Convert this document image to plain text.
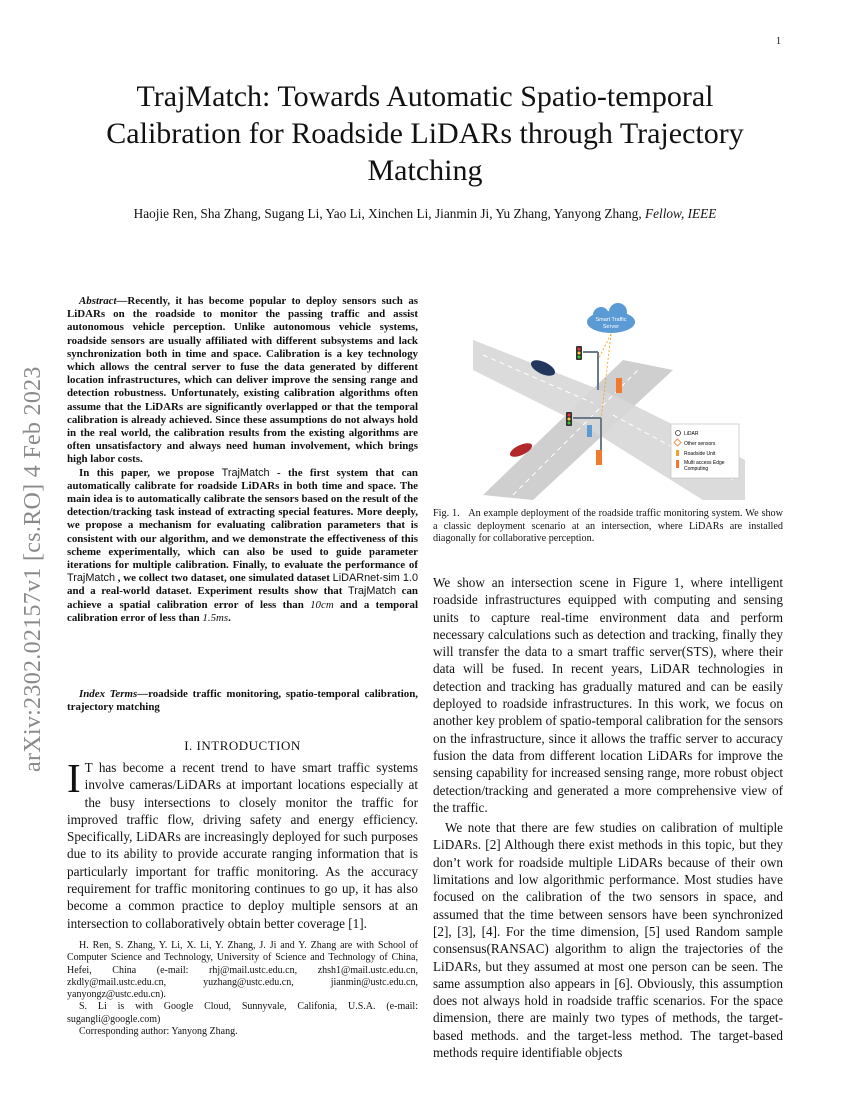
1
arXiv:2302.02157v1 [cs.RO] 4 Feb 2023
TrajMatch: Towards Automatic Spatio-temporal Calibration for Roadside LiDARs through Trajectory Matching
Haojie Ren, Sha Zhang, Sugang Li, Yao Li, Xinchen Li, Jianmin Ji, Yu Zhang, Yanyong Zhang, Fellow, IEEE

Abstract—Recently, it has become popular to deploy sensors such as LiDARs on the roadside to monitor the passing traffic and assist autonomous vehicle perception. Unlike autonomous vehicle systems, roadside sensors are usually affiliated with different subsystems and lack synchronization both in time and space. Calibration is a key technology which allows the central server to fuse the data generated by different location infrastructures, which can deliver improve the sensing range and detection robustness. Unfortunately, existing calibration algorithms often assume that the LiDARs are significantly overlapped or that the temporal calibration is already achieved. Since these assumptions do not always hold in the real world, the calibration results from the existing algorithms are often unsatisfactory and always need human involvement, which brings high labor costs.

In this paper, we propose TrajMatch - the first system that can automatically calibrate for roadside LiDARs in both time and space. The main idea is to automatically calibrate the sensors based on the result of the detection/tracking task instead of extracting special features. More deeply, we propose a mechanism for evaluating calibration parameters that is consistent with our algorithm, and we demonstrate the effectiveness of this scheme experimentally, which can also be used to guide parameter iterations for multiple calibration. Finally, to evaluate the performance of TrajMatch , we collect two dataset, one simulated dataset LiDARnet-sim 1.0 and a real-world dataset. Experiment results show that TrajMatch can achieve a spatial calibration error of less than 10cm and a temporal calibration error of less than 1.5ms.

Index Terms—roadside traffic monitoring, spatio-temporal calibration, trajectory matching
I. INTRODUCTION
I T has become a recent trend to have smart traffic systems involve cameras/LiDARs at important locations especially at the busy intersections to closely monitor the traffic for improved traffic flow, driving safety and energy efficiency. Specifically, LiDARs are increasingly deployed for such purposes due to its ability to provide accurate ranging information that is particularly important for traffic monitoring. As the accuracy requirement for traffic monitoring continues to go up, it has also become a common practice to deploy multiple sensors at an intersection to collaboratively obtain better coverage [1].

H. Ren, S. Zhang, Y. Li, X. Li, Y. Zhang, J. Ji and Y. Zhang are with School of Computer Science and Technology, University of Science and Technology of China, Hefei, China (e-mail: rhj@mail.ustc.edu.cn, zhsh1@mail.ustc.edu.cn, zkdly@mail.ustc.edu.cn, yuzhang@ustc.edu.cn, jianmin@ustc.edu.cn, yanyongz@ustc.edu.cn).

S. Li is with Google Cloud, Sunnyvale, Califonia, U.S.A. (e-mail: sugangli@google.com)

Corresponding author: Yanyong Zhang.

Smart Traffic
Server
LiDAR
Other sensors
Roadside Unit
Multi access Edge
Computing
Fig. 1. An example deployment of the roadside traffic monitoring system. We show a classic deployment scenario at an intersection, where LiDARs are installed diagonally for collaborative perception.

We show an intersection scene in Figure 1, where intelligent roadside infrastructures equipped with computing and sensing units to capture real-time environment data and perform necessary calculations such as detection and tracking, finally they will transfer the data to a smart traffic server(STS), where their data will be fused. In recent years, LiDAR technologies in detection and tracking has gradually matured and can be easily deployed to roadside infrastructures. In this work, we focus on another key problem of spatio-temporal calibration for the sensors on the infrastructure, since it allows the traffic server to accuracy fusion the data from different location LiDARs for improve the sensing capability for increased sensing range, more robust object detection/tracking and generated a more comprehensive view of the traffic.

We note that there are few studies on calibration of multiple LiDARs. [2] Although there exist methods in this topic, but they don’t work for roadside multiple LiDARs because of their own limitations and low algorithmic performance. Most studies have focused on the calibration of the two sensors in space, and assumed that the time between sensors have been synchronized [2], [3], [4]. For the time dimension, [5] used Random sample consensus(RANSAC) algorithm to align the trajectories of the LiDARs, but they assumed at most one person can be seen. The same assumption also appears in [6]. Obviously, this assumption does not always hold in roadside traffic scenarios. For the space dimension, there are mainly two types of methods, the target-based methods. and the target-less method. The target-based methods require identifiable objects
